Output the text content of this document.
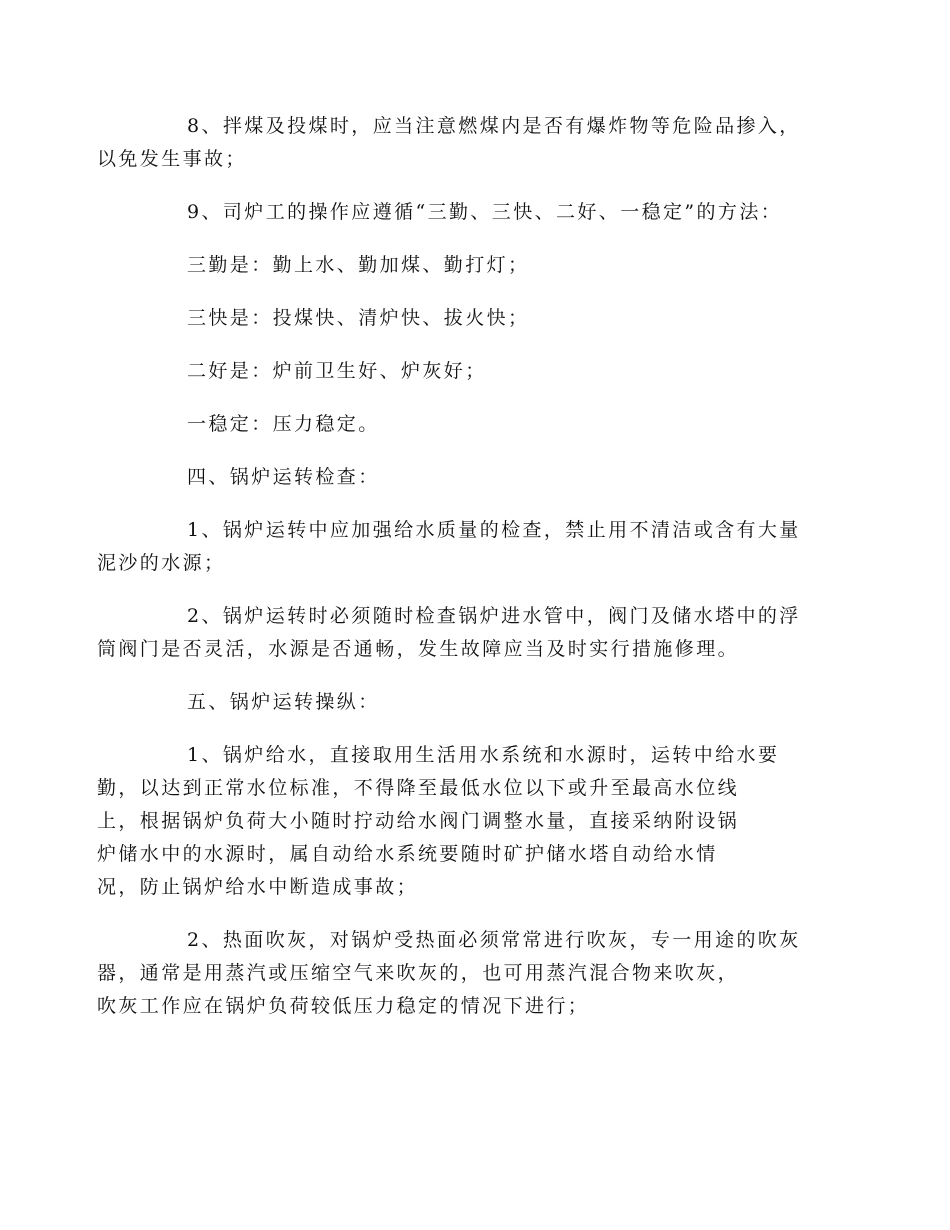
8、拌煤及投煤时，应当注意燃煤内是否有爆炸物等危险品掺入，
以免发生事故；

9、司炉工的操作应遵循“三勤、三快、二好、一稳定”的方法：

三勤是：勤上水、勤加煤、勤打灯；

三快是：投煤快、清炉快、拔火快；

二好是：炉前卫生好、炉灰好；

一稳定：压力稳定。

四、锅炉运转检查：

1、锅炉运转中应加强给水质量的检查，禁止用不清洁或含有大量
泥沙的水源；

2、锅炉运转时必须随时检查锅炉进水管中，阀门及储水塔中的浮
筒阀门是否灵活，水源是否通畅，发生故障应当及时实行措施修理。

五、锅炉运转操纵：

1、锅炉给水，直接取用生活用水系统和水源时，运转中给水要
勤，以达到正常水位标准，不得降至最低水位以下或升至最高水位线
上，根据锅炉负荷大小随时拧动给水阀门调整水量，直接采纳附设锅
炉储水中的水源时，属自动给水系统要随时矿护储水塔自动给水情
况，防止锅炉给水中断造成事故；

2、热面吹灰，对锅炉受热面必须常常进行吹灰，专一用途的吹灰
器，通常是用蒸汽或压缩空气来吹灰的，也可用蒸汽混合物来吹灰，
吹灰工作应在锅炉负荷较低压力稳定的情况下进行；
